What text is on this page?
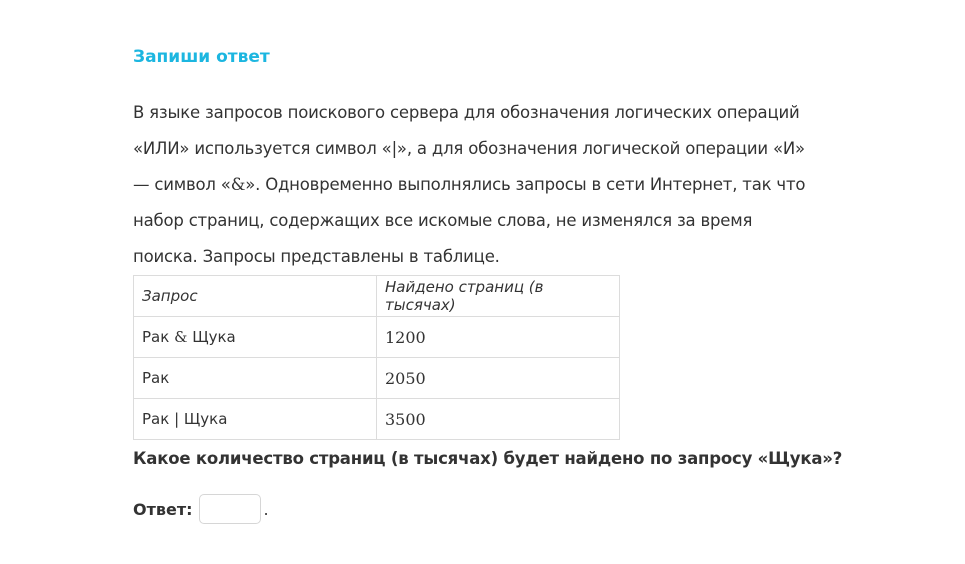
Запиши ответ
В языке запросов поискового сервера для обозначения логических операций
«ИЛИ» используется символ «|», а для обозначения логической операции «И»
— символ «&». Одновременно выполнялись запросы в сети Интернет, так что
набор страниц, содержащих все искомые слова, не изменялся за время
поиска. Запросы представлены в таблице.
Запрос	Найдено страниц (в тысячах)
Рак & Щука	1200
Рак	2050
Рак | Щука	3500
Какое количество страниц (в тысячах) будет найдено по запросу «Щука»?
Ответ:	.
